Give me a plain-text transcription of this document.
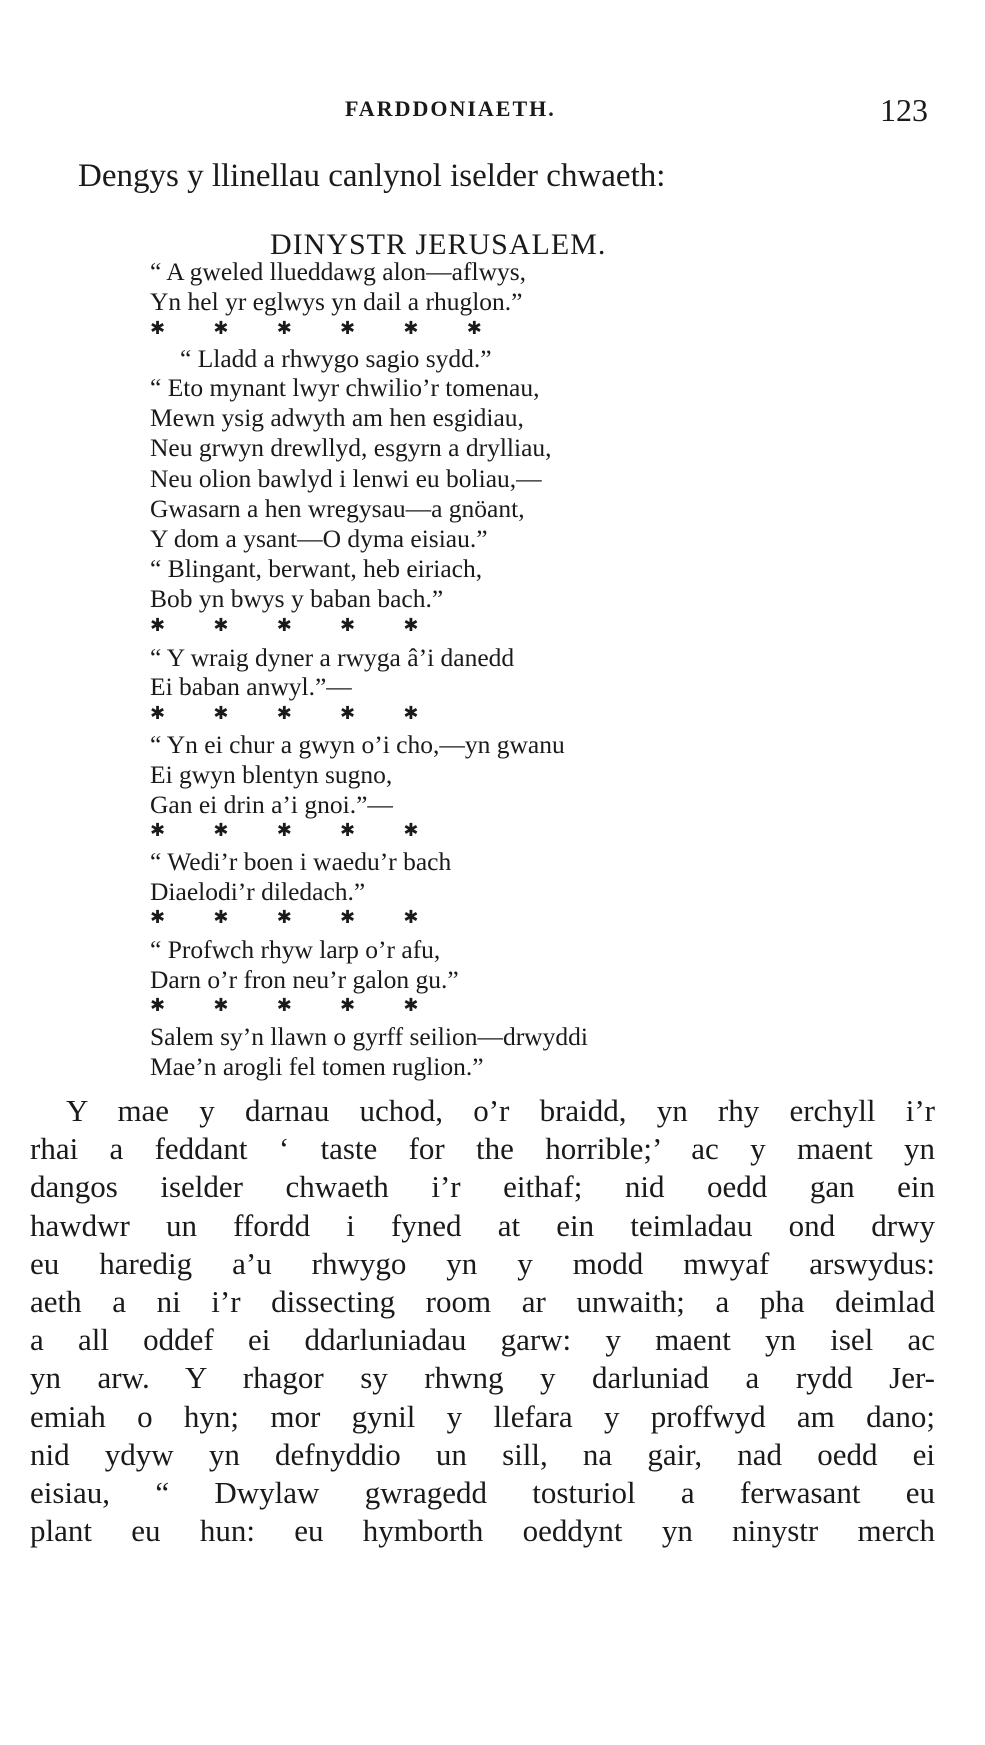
FARDDONIAETH.	123
Dengys y llinellau canlynol iselder chwaeth:
DINYSTR JERUSALEM.
“ A gweled llueddawg alon—aflwys,
Yn hel yr eglwys yn dail a rhuglon.”
✱ ✱ ✱ ✱ ✱ ✱
“ Lladd a rhwygo sagio sydd.”
“ Eto mynant lwyr chwilio’r tomenau,
Mewn ysig adwyth am hen esgidiau,
Neu grwyn drewllyd, esgyrn a drylliau,
Neu olion bawlyd i lenwi eu boliau,—
Gwasarn a hen wregysau—a gnöant,
Y dom a ysant—O dyma eisiau.”
“ Blingant, berwant, heb eiriach,
Bob yn bwys y baban bach.”
✱ ✱ ✱ ✱ ✱
“ Y wraig dyner a rwyga â’i danedd
Ei baban anwyl.”—
✱ ✱ ✱ ✱ ✱
“ Yn ei chur a gwyn o’i cho,—yn gwanu
Ei gwyn blentyn sugno,
Gan ei drin a’i gnoi.”—
✱ ✱ ✱ ✱ ✱
“ Wedi’r boen i waedu’r bach
Diaelodi’r diledach.”
✱ ✱ ✱ ✱ ✱
“ Profwch rhyw larp o’r afu,
Darn o’r fron neu’r galon gu.”
✱ ✱ ✱ ✱ ✱
Salem sy’n llawn o gyrff seilion—drwyddi
Mae’n arogli fel tomen ruglion.”
Y mae y darnau uchod, o’r braidd, yn rhy erchyll i’r
rhai a feddant ‘ taste for the horrible;’ ac y maent yn
dangos iselder chwaeth i’r eithaf; nid oedd gan ein
hawdwr un ffordd i fyned at ein teimladau ond drwy
eu haredig a’u rhwygo yn y modd mwyaf arswydus:
aeth a ni i’r dissecting room ar unwaith; a pha deimlad
a all oddef ei ddarluniadau garw: y maent yn isel ac
yn arw. Y rhagor sy rhwng y darluniad a rydd Jer-
emiah o hyn; mor gynil y llefara y proffwyd am dano;
nid ydyw yn defnyddio un sill, na gair, nad oedd ei
eisiau, “ Dwylaw gwragedd tosturiol a ferwasant eu
plant eu hun: eu hymborth oeddynt yn ninystr merch
